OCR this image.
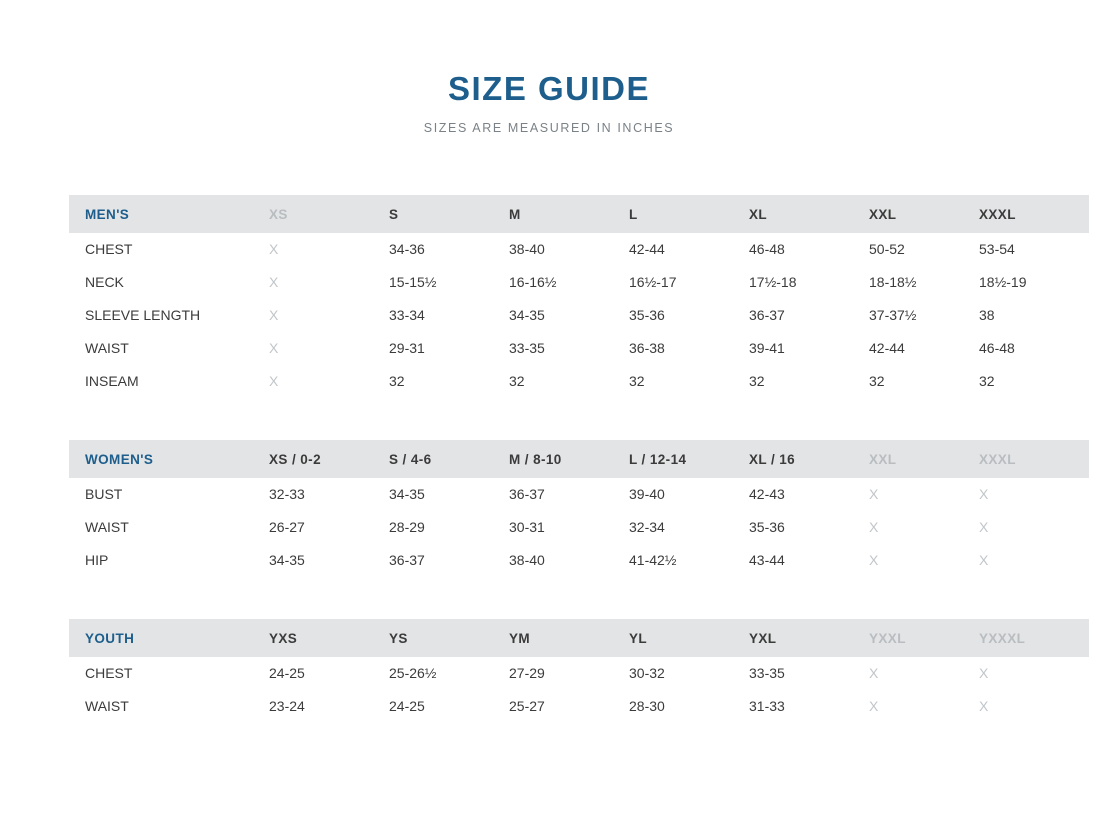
SIZE GUIDE
SIZES ARE MEASURED IN INCHES
MEN'S	XS	S	M	L	XL	XXL	XXXL
CHEST	X	34-36	38-40	42-44	46-48	50-52	53-54
NECK	X	15-15½	16-16½	16½-17	17½-18	18-18½	18½-19
SLEEVE LENGTH	X	33-34	34-35	35-36	36-37	37-37½	38
WAIST	X	29-31	33-35	36-38	39-41	42-44	46-48
INSEAM	X	32	32	32	32	32	32
WOMEN'S	XS / 0-2	S / 4-6	M / 8-10	L / 12-14	XL / 16	XXL	XXXL
BUST	32-33	34-35	36-37	39-40	42-43	X	X
WAIST	26-27	28-29	30-31	32-34	35-36	X	X
HIP	34-35	36-37	38-40	41-42½	43-44	X	X
YOUTH	YXS	YS	YM	YL	YXL	YXXL	YXXXL
CHEST	24-25	25-26½	27-29	30-32	33-35	X	X
WAIST	23-24	24-25	25-27	28-30	31-33	X	X
